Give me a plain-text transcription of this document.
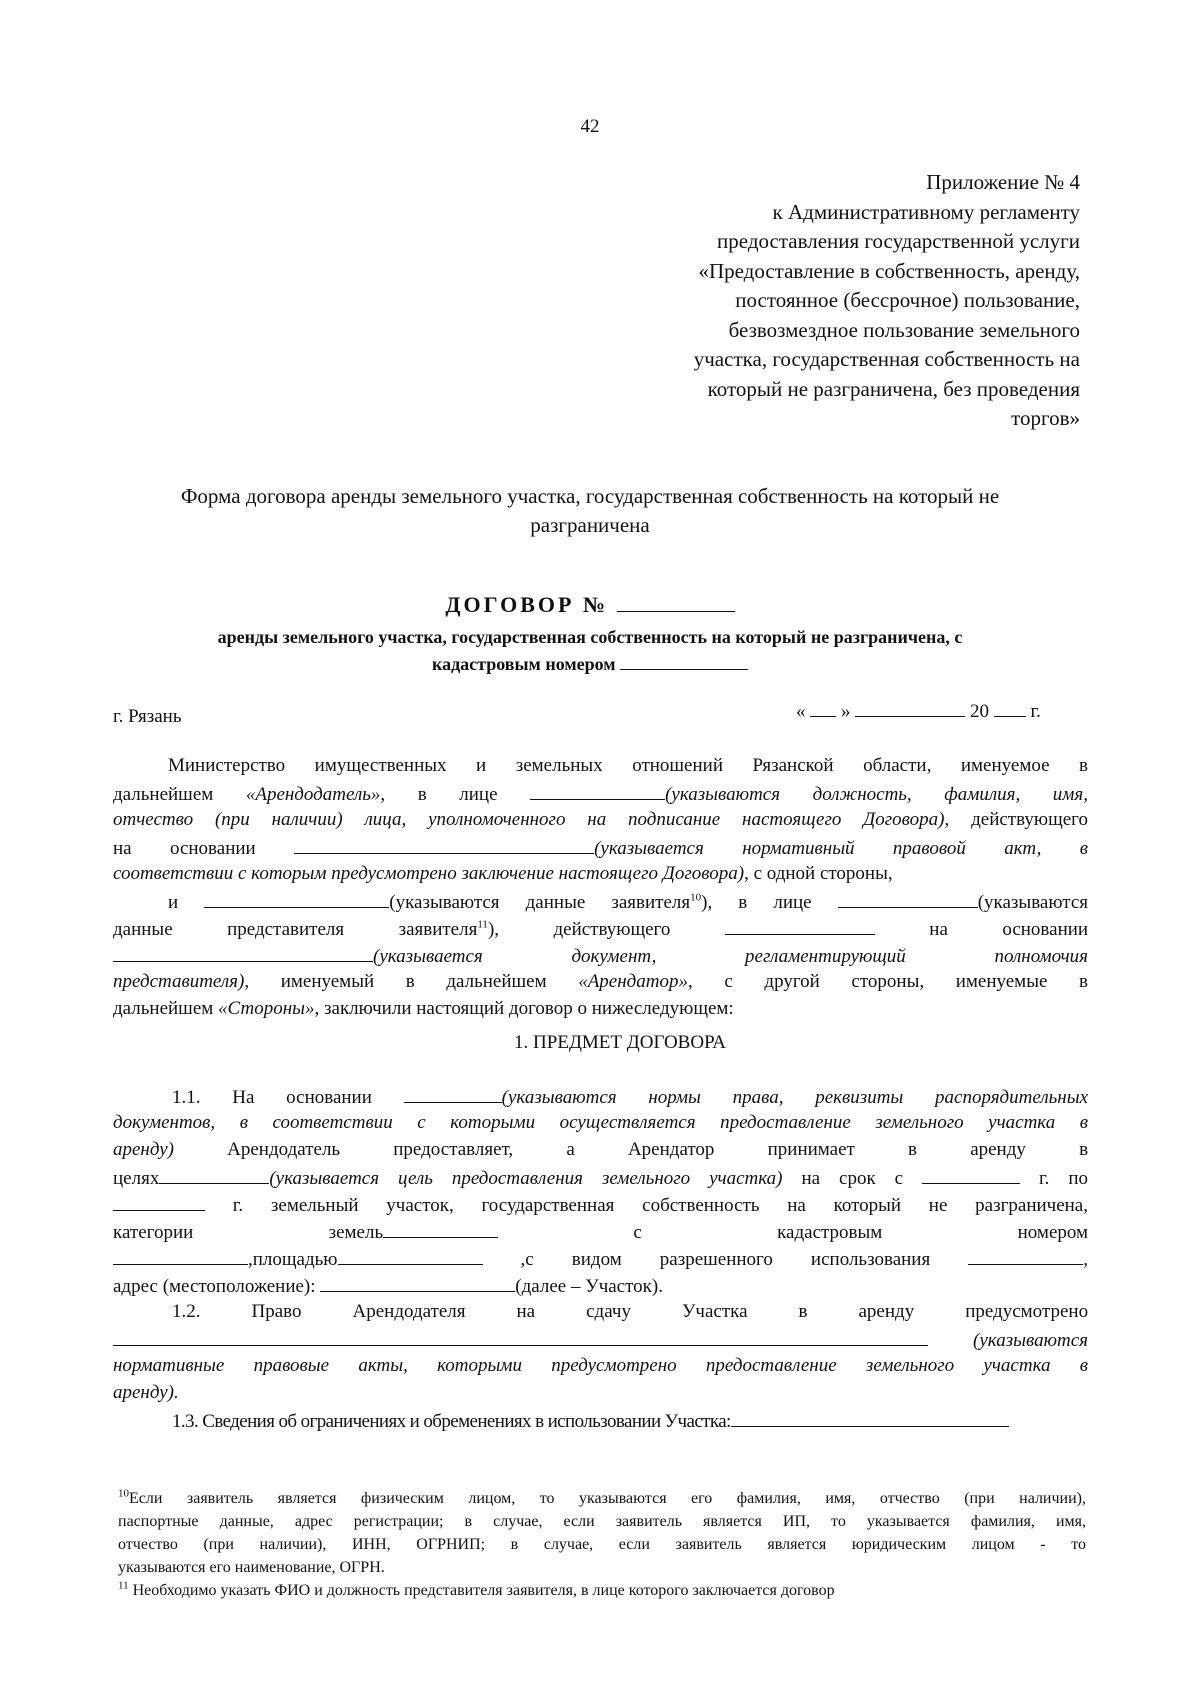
42
Приложение № 4
к Административному регламенту
предоставления государственной услуги
«Предоставление в собственность, аренду,
постоянное (бессрочное) пользование,
безвозмездное пользование земельного
участка, государственная собственность на
который не разграничена, без проведения
торгов»
Форма договора аренды земельного участка, государственная собственность на который не
разграничена
ДОГОВОР №
аренды земельного участка, государственная собственность на который не разграничена, с
кадастровым номером
г. Рязань	« »	20 г.
Министерство имущественных и земельных отношений Рязанской области, именуемое в
дальнейшем «Арендодатель», в лице	(указываются должность, фамилия, имя,
отчество (при наличии) лица, уполномоченного на подписание настоящего Договора), действующего
на основании	(указывается нормативный правовой акт, в
соответствии с которым предусмотрено заключение настоящего Договора), с одной стороны,
и	(указываются данные заявителя$^{10}$), в лице	(указываются
данные	представителя	заявителя$^{11}$),	действующего	на	основании
(указывается	документ,	регламентирующий	полномочия
представителя), именуемый в дальнейшем «Арендатор», с другой стороны, именуемые в
дальнейшем «Стороны», заключили настоящий договор о нижеследующем:
1. ПРЕДМЕТ ДОГОВОРА
1.1. На основании	(указываются нормы права, реквизиты распорядительных
документов, в соответствии с которыми осуществляется предоставление земельного участка в
аренду)	Арендодатель	предоставляет,	а	Арендатор	принимает	в	аренду	в
целях	(указывается цель предоставления земельного участка) на срок с	г. по
г. земельный участок, государственная собственность на который не разграничена,
категории	земель	с	кадастровым	номером
,площадью	,с видом разрешенного использования	,
адрес (местоположение):	(далее – Участок).
1.2.	Право	Арендодателя	на	сдачу	Участка	в	аренду	предусмотрено
(указываются
нормативные правовые акты, которыми предусмотрено предоставление земельного участка в
аренду).
1.3. Сведения об ограничениях и обременениях в использовании Участка:
$^{10}$Если заявитель является физическим лицом, то указываются его фамилия, имя, отчество (при наличии),
паспортные данные, адрес регистрации; в случае, если заявитель является ИП, то указывается фамилия, имя,
отчество (при наличии), ИНН, ОГРНИП; в случае, если заявитель является юридическим лицом - то
указываются его наименование, ОГРН.
$^{11}$ Необходимо указать ФИО и должность представителя заявителя, в лице которого заключается договор
